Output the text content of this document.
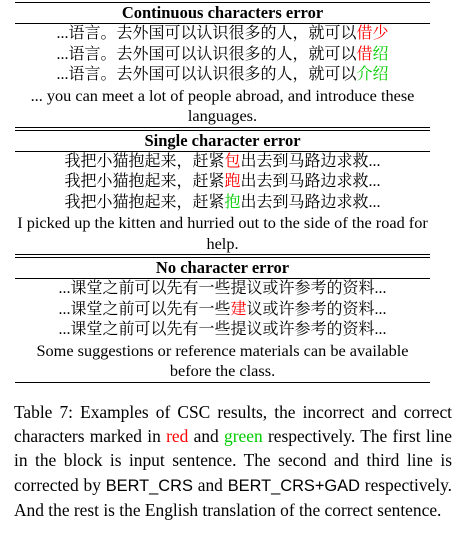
Continuous characters error
...语言。去外国可以认识很多的人，就可以借少
...语言。去外国可以认识很多的人，就可以借绍
...语言。去外国可以认识很多的人，就可以介绍
... you can meet a lot of people abroad, and introduce these languages.
Single character error
我把小猫抱起来，赶紧包出去到马路边求救...
我把小猫抱起来，赶紧跑出去到马路边求救...
我把小猫抱起来，赶紧抱出去到马路边求救...
I picked up the kitten and hurried out to the side of the road for help.
No character error
...课堂之前可以先有一些提议或许参考的资料...
...课堂之前可以先有一些建议或许参考的资料...
...课堂之前可以先有一些提议或许参考的资料...
Some suggestions or reference materials can be available before the class.
Table 7: Examples of CSC results, the incorrect and correct characters marked in red and green respectively. The first line in the block is input sentence. The second and third line is corrected by BERT_CRS and BERT_CRS+GAD respectively. And the rest is the English translation of the correct sentence.
